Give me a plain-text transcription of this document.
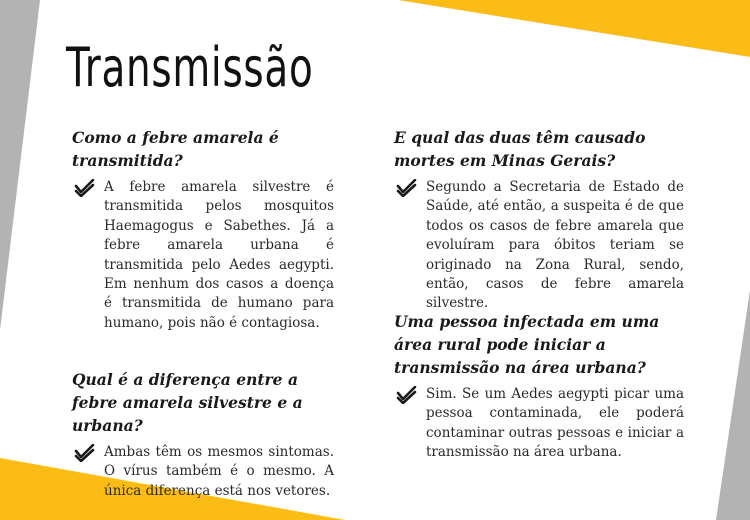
Transmissão
Como a febre amarela é transmitida?

A febre amarela silvestre é transmitida pelos mosquitos Haemagogus e Sabethes. Já a febre amarela urbana é transmitida pelo Aedes aegypti. Em nenhum dos casos a doença é transmitida de humano para humano, pois não é contagiosa.

Qual é a diferença entre a febre amarela silvestre e a urbana?

Ambas têm os mesmos sintomas. O vírus também é o mesmo. A única diferença está nos vetores.

E qual das duas têm causado mortes em Minas Gerais?

Segundo a Secretaria de Estado de Saúde, até então, a suspeita é de que todos os casos de febre amarela que evoluíram para óbitos teriam se originado na Zona Rural, sendo, então, casos de febre amarela silvestre.

Uma pessoa infectada em uma área rural pode iniciar a transmissão na área urbana?

Sim. Se um Aedes aegypti picar uma pessoa contaminada, ele poderá contaminar outras pessoas e iniciar a transmissão na área urbana.
